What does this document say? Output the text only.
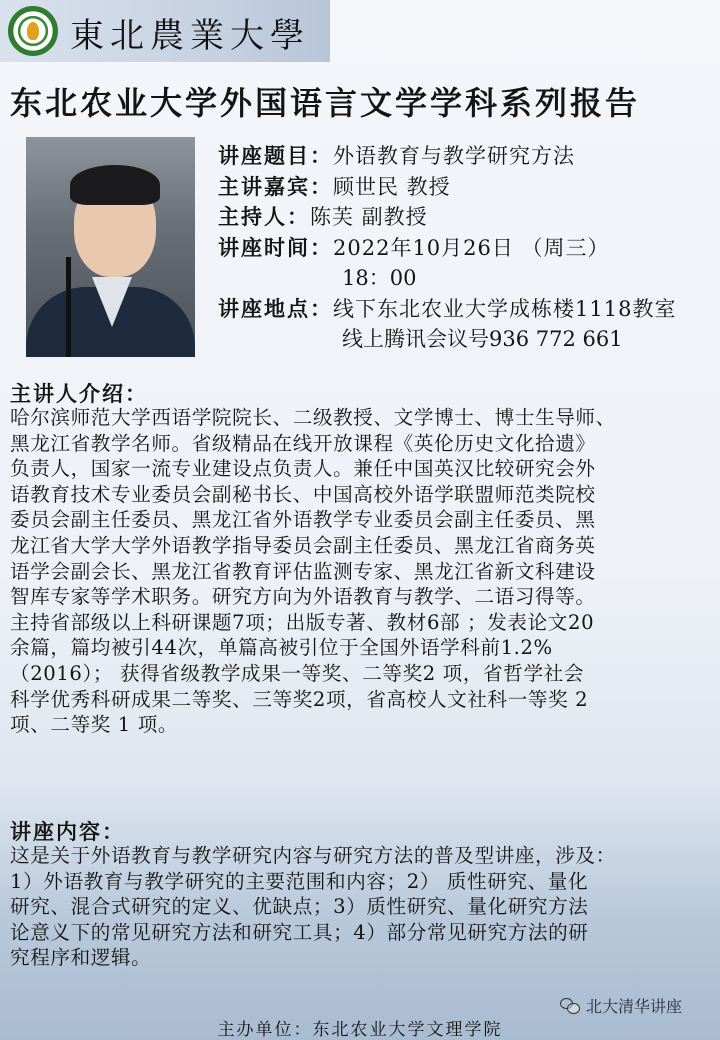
東北農業大學
东北农业大学外国语言文学学科系列报告
讲座题目：外语教育与教学研究方法
主讲嘉宾：顾世民 教授
主持人：陈芙 副教授
讲座时间：2022年10月26日 （周三）
18：00
讲座地点：线下东北农业大学成栋楼1118教室
线上腾讯会议号936 772 661
主讲人介绍：
哈尔滨师范大学西语学院院长、二级教授、文学博士、博士生导师、
黑龙江省教学名师。省级精品在线开放课程《英伦历史文化拾遗》
负责人，国家一流专业建设点负责人。兼任中国英汉比较研究会外
语教育技术专业委员会副秘书长、中国高校外语学联盟师范类院校
委员会副主任委员、黑龙江省外语教学专业委员会副主任委员、黑
龙江省大学大学外语教学指导委员会副主任委员、黑龙江省商务英
语学会副会长、黑龙江省教育评估监测专家、黑龙江省新文科建设
智库专家等学术职务。研究方向为外语教育与教学、二语习得等。
主持省部级以上科研课题7项；出版专著、教材6部 ；发表论文20
余篇，篇均被引44次，单篇高被引位于全国外语学科前1.2%
（2016）； 获得省级教学成果一等奖、二等奖2 项，省哲学社会
科学优秀科研成果二等奖、三等奖2项，省高校人文社科一等奖 2
项、二等奖 1 项。
讲座内容：
这是关于外语教育与教学研究内容与研究方法的普及型讲座，涉及：
1）外语教育与教学研究的主要范围和内容；2） 质性研究、量化
研究、混合式研究的定义、优缺点；3）质性研究、量化研究方法
论意义下的常见研究方法和研究工具；4）部分常见研究方法的研
究程序和逻辑。
北大清华讲座
主办单位：东北农业大学文理学院
